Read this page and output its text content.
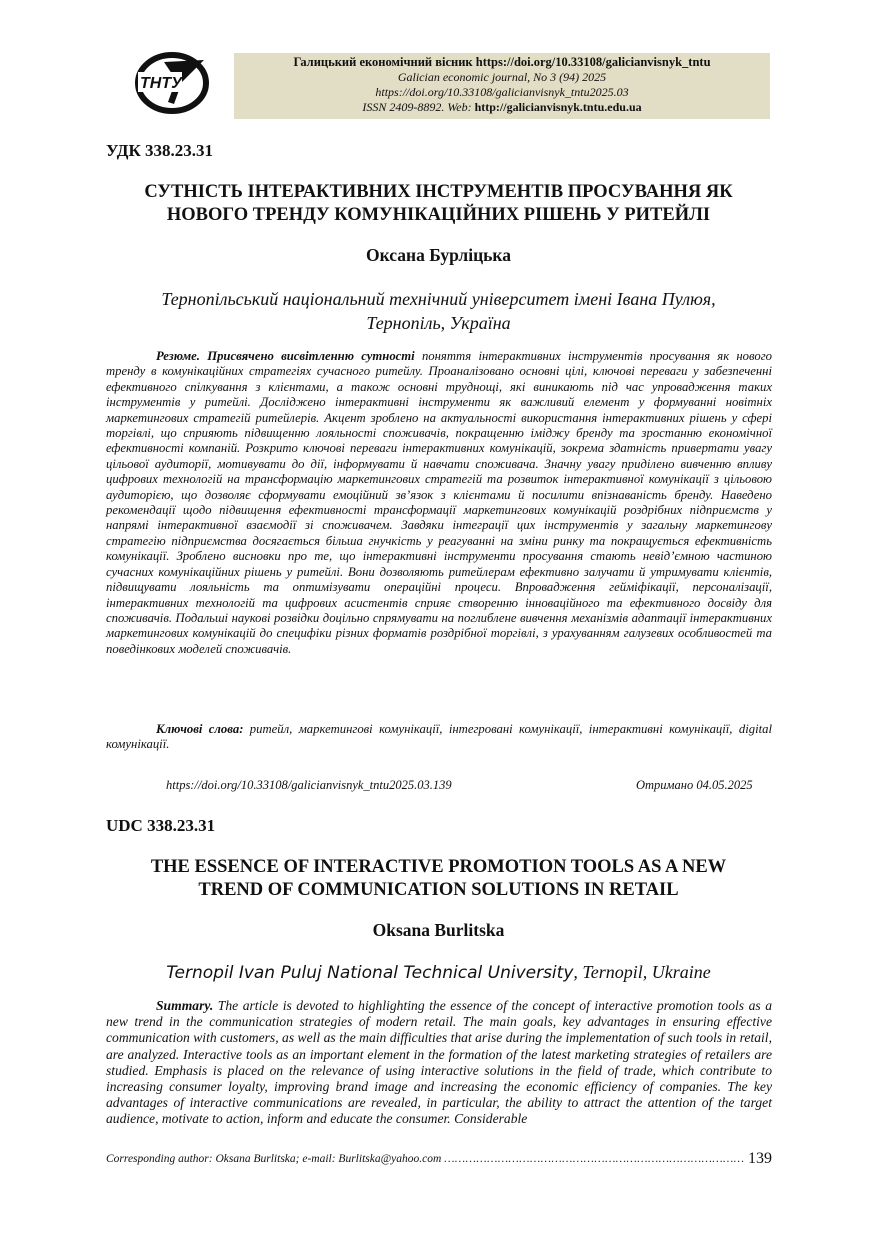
ТНТУ
Галицький економічний вісник https://doi.org/10.33108/galicianvisnyk_tntu
Galician economic journal, No 3 (94) 2025
https://doi.org/10.33108/galicianvisnyk_tntu2025.03
ISSN 2409-8892. Web: http://galicianvisnyk.tntu.edu.ua
УДК 338.23.31
СУТНІСТЬ ІНТЕРАКТИВНИХ ІНСТРУМЕНТІВ ПРОСУВАННЯ ЯК
НОВОГО ТРЕНДУ КОМУНІКАЦІЙНИХ РІШЕНЬ У РИТЕЙЛІ
Оксана Бурліцька
Тернопільський національний технічний університет імені Івана Пулюя,
Тернопіль, Україна

Резюме. Присвячено висвітленню сутності поняття інтерактивних інструментів просування як нового тренду в комунікаційних стратегіях сучасного ритейлу. Проаналізовано основні цілі, ключові переваги у забезпеченні ефективного спілкування з клієнтами, а також основні труднощі, які виникають під час упровадження таких інструментів у ритейлі. Досліджено інтерактивні інструменти як важливий елемент у формуванні новітніх маркетингових стратегій ритейлерів. Акцент зроблено на актуальності використання інтерактивних рішень у сфері торгівлі, що сприяють підвищенню лояльності споживачів, покращенню іміджу бренду та зростанню економічної ефективності компаній. Розкрито ключові переваги інтерактивних комунікацій, зокрема здатність привертати увагу цільової аудиторії, мотивувати до дії, інформувати й навчати споживача. Значну увагу приділено вивченню впливу цифрових технологій на трансформацію маркетингових стратегій та розвиток інтерактивної комунікації з цільовою аудиторією, що дозволяє сформувати емоційний зв’язок з клієнтами й посилити впізнаваність бренду. Наведено рекомендації щодо підвищення ефективності трансформації маркетингових комунікацій роздрібних підприємств у напрямі інтерактивної взаємодії зі споживачем. Завдяки інтеграції цих інструментів у загальну маркетингову стратегію підприємства досягається більша гнучкість у реагуванні на зміни ринку та покращується ефективність комунікації. Зроблено висновки про те, що інтерактивні інструменти просування стають невід’ємною частиною сучасних комунікаційних рішень у ритейлі. Вони дозволяють ритейлерам ефективно залучати й утримувати клієнтів, підвищувати лояльність та оптимізувати операційні процеси. Впровадження гейміфікації, персоналізації, інтерактивних технологій та цифрових асистентів сприяє створенню інноваційного та ефективного досвіду для споживачів. Подальші наукові розвідки доцільно спрямувати на поглиблене вивчення механізмів адаптації інтерактивних маркетингових комунікацій до специфіки різних форматів роздрібної торгівлі, з урахуванням галузевих особливостей та поведінкових моделей споживачів.

Ключові слова: ритейл, маркетингові комунікації, інтегровані комунікації, інтерактивні комунікації, digital комунікації.

https://doi.org/10.33108/galicianvisnyk_tntu2025.03.139	Отримано 04.05.2025
UDC 338.23.31
THE ESSENCE OF INTERACTIVE PROMOTION TOOLS AS A NEW
TREND OF COMMUNICATION SOLUTIONS IN RETAIL
Oksana Burlitska
Ternopil Ivan Puluj National Technical University, Ternopil, Ukraine

Summary. The article is devoted to highlighting the essence of the concept of interactive promotion tools as a new trend in the communication strategies of modern retail. The main goals, key advantages in ensuring effective communication with customers, as well as the main difficulties that arise during the implementation of such tools in retail, are analyzed. Interactive tools as an important element in the formation of the latest marketing strategies of retailers are studied. Emphasis is placed on the relevance of using interactive solutions in the field of trade, which contribute to increasing consumer loyalty, improving brand image and increasing the economic efficiency of companies. The key advantages of interactive communications are revealed, in particular, the ability to attract the attention of the target audience, motivate to action, inform and educate the consumer. Considerable

Corresponding author: Oksana Burlitska; e-mail: Burlitska@yahoo.com ………………………………………………………………………… 139
